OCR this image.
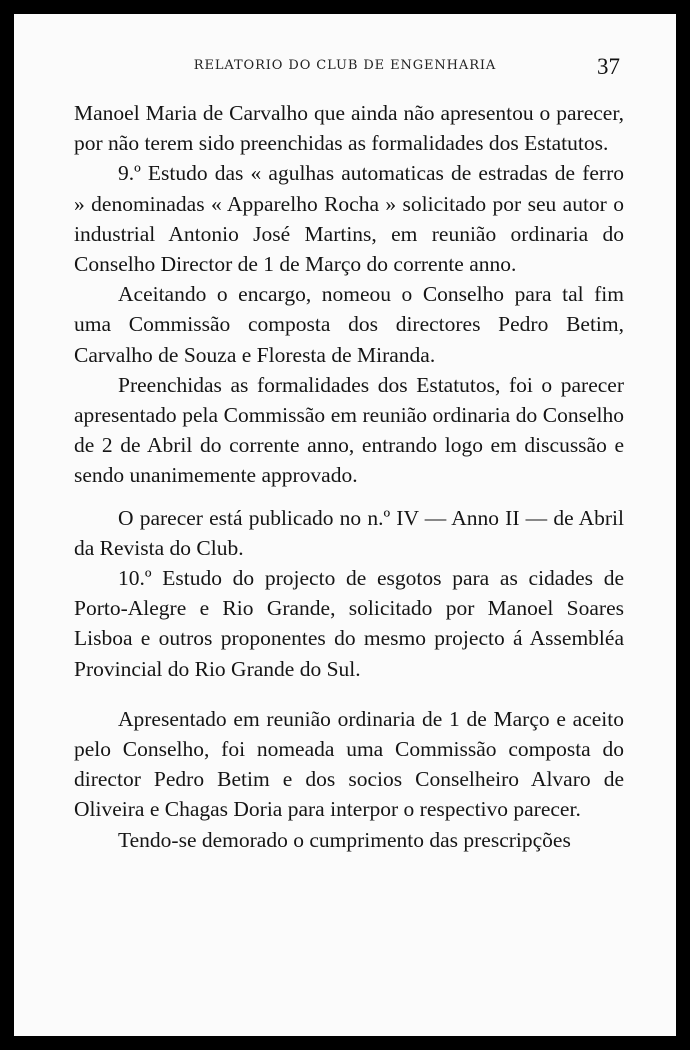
RELATORIO DO CLUB DE ENGENHARIA	37

Manoel Maria de Carvalho que ainda não apresentou o parecer, por não terem sido preenchidas as formalidades dos Estatutos.

9.º Estudo das « agulhas automaticas de estradas de ferro » denominadas « Apparelho Rocha » solicitado por seu autor o industrial Antonio José Martins, em reunião ordinaria do Conselho Director de 1 de Março do corrente anno.

Aceitando o encargo, nomeou o Conselho para tal fim uma Commissão composta dos directores Pedro Betim, Carvalho de Souza e Floresta de Miranda.

Preenchidas as formalidades dos Estatutos, foi o parecer apresentado pela Commissão em reunião ordinaria do Conselho de 2 de Abril do corrente anno, entrando logo em discussão e sendo unanimemente approvado.

O parecer está publicado no n.º IV — Anno II — de Abril da Revista do Club.

10.º Estudo do projecto de esgotos para as cidades de Porto-Alegre e Rio Grande, solicitado por Manoel Soares Lisboa e outros proponentes do mesmo projecto á Assembléa Provincial do Rio Grande do Sul.

Apresentado em reunião ordinaria de 1 de Março e aceito pelo Conselho, foi nomeada uma Commissão composta do director Pedro Betim e dos socios Conselheiro Alvaro de Oliveira e Chagas Doria para interpor o respectivo parecer.

Tendo-se demorado o cumprimento das prescripções
